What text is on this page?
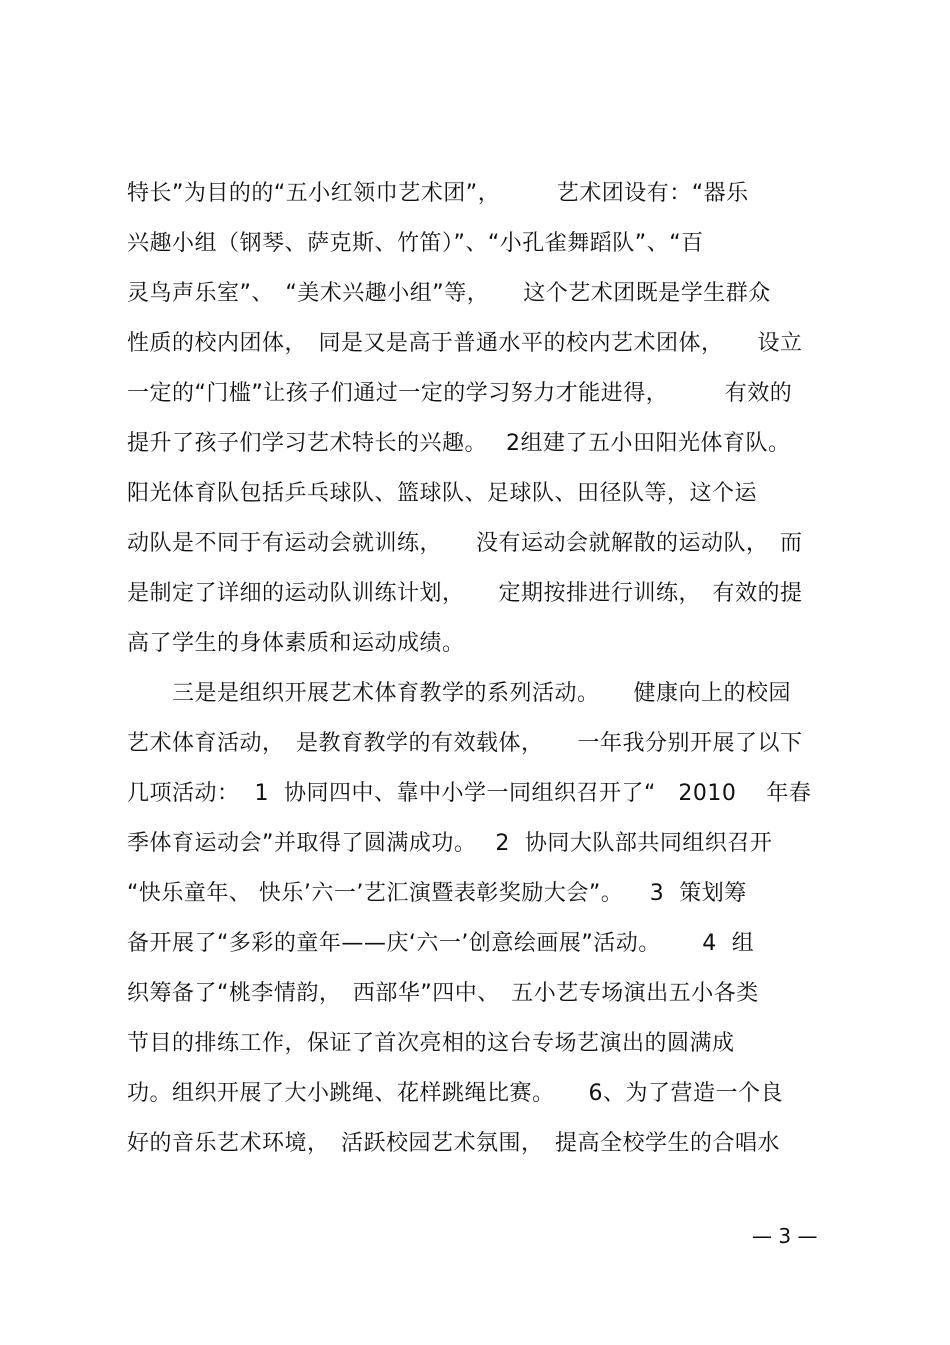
特长”为目的的“五小红领巾艺术团”，　　　艺术团设有：“器乐
兴趣小组（钢琴、萨克斯、竹笛）”、“小孔雀舞蹈队”、“百
灵鸟声乐室”、　“美术兴趣小组”等，　　这个艺术团既是学生群众
性质的校内团体，　同是又是高于普通水平的校内艺术团体，　　设立
一定的“门槛”让孩子们通过一定的学习努力才能进得，　　　有效的
提升了孩子们学习艺术特长的兴趣。　 2组建了五小田阳光体育队。
阳光体育队包括乒乓球队、篮球队、足球队、田径队等，这个运
动队是不同于有运动会就训练，　　没有运动会就解散的运动队，　而
是制定了详细的运动队训练计划，　　定期按排进行训练，　有效的提
高了学生的身体素质和运动成绩。
　　三是是组织开展艺术体育教学的系列活动。　　健康向上的校园
艺术体育活动，　是教育教学的有效载体，　　一年我分别开展了以下
几项活动：  1  协同四中、靠中小学一同组织召开了“　2010　 年春
季体育运动会”并取得了圆满成功。　 2  协同大队部共同组织召开
“快乐童年、 快乐’六一’艺汇演暨表彰奖励大会”。　  3  策划筹
备开展了“多彩的童年——庆‘六一’创意绘画展”活动。　　 4  组
织筹备了“桃李情韵，　西部华”四中、　五小艺专场演出五小各类
节目的排练工作，保证了首次亮相的这台专场艺演出的圆满成
功。组织开展了大小跳绳、花样跳绳比赛。　　6、为了营造一个良
好的音乐艺术环境，　活跃校园艺术氛围，　提高全校学生的合唱水
— 3 —
